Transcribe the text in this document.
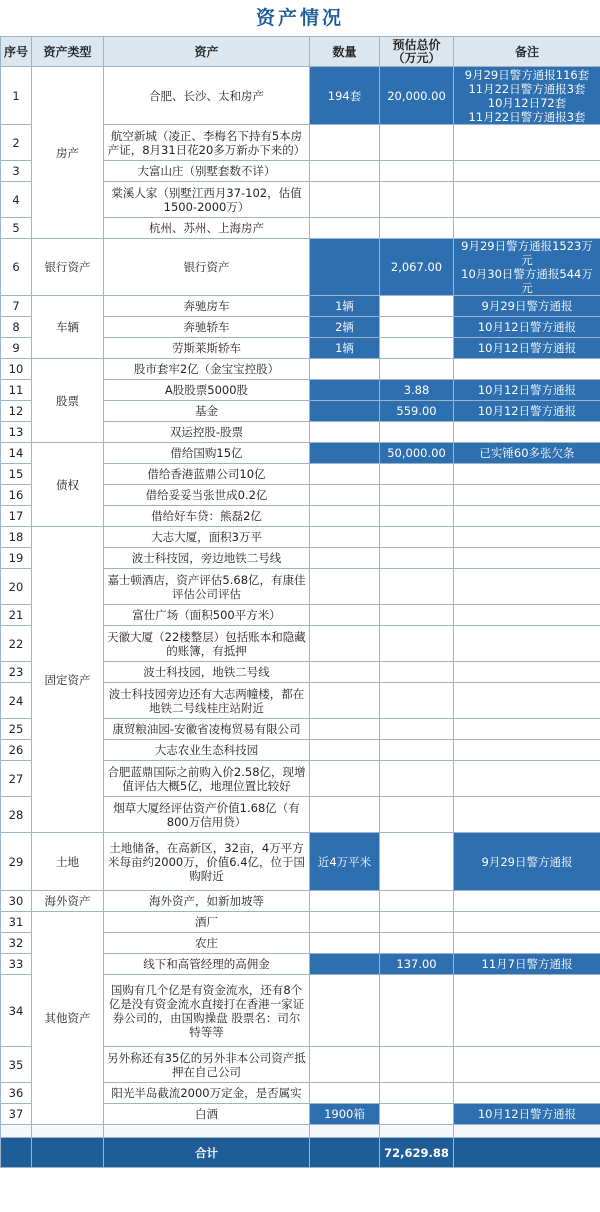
资产情况
序号	资产类型	资产	数量	预估总价
（万元）	备注
1	房产	合肥、长沙、太和房产	194套	20,000.00	9月29日警方通报116套
11月22日警方通报3套
10月12日72套
11月22日警方通报3套
2		航空新城（凌正、李梅名下持有5本房产证，8月31日花20多万新办下来的）			
3		大富山庄（别墅套数不详）			
4		棠溪人家（别墅江西月37-102，估值1500-2000万）			
5		杭州、苏州、上海房产			
6	银行资产	银行资产		2,067.00	9月29日警方通报1523万元
10月30日警方通报544万元
7	车辆	奔驰房车	1辆		9月29日警方通报
8		奔驰轿车	2辆		10月12日警方通报
9		劳斯莱斯轿车	1辆		10月12日警方通报
10	股票	股市套牢2亿（金宝宝控股）			
11		A股股票5000股		3.88	10月12日警方通报
12		基金		559.00	10月12日警方通报
13		双运控股-股票			
14	债权	借给国购15亿		50,000.00	已实锤60多张欠条
15		借给香港蓝鼎公司10亿			
16		借给妥妥当张世成0.2亿			
17		借给好车贷：熊磊2亿			
18	固定资产	大志大厦，面积3万平			
19		波士科技园，旁边地铁二号线			
20		嘉士顿酒店，资产评估5.68亿，有康佳评估公司评估			
21		富仕广场（面积500平方米）			
22		天徽大厦（22楼整层）包括账本和隐藏的账簿，有抵押			
23		波士科技园，地铁二号线			
24		波士科技园旁边还有大志两幢楼，都在地铁二号线桂庄站附近			
25		康贸粮油园-安徽省凌梅贸易有限公司			
26		大志农业生态科技园			
27		合肥蓝鼎国际之前购入价2.58亿，现增值评估大概5亿，地理位置比较好			
28		烟草大厦经评估资产价值1.68亿（有800万信用贷）			
29	土地	土地储备，在高新区，32亩，4万平方米每亩约2000万，价值6.4亿，位于国购附近	近4万平米		9月29日警方通报
30	海外资产	海外资产，如新加坡等			
31	其他资产	酒厂			
32		农庄			
33		线下和高管经理的高佣金		137.00	11月7日警方通报
34		国购有几个亿是有资金流水，还有8个亿是没有资金流水直接打在香港一家证券公司的，由国购操盘 股票名：司尔特等等			
35		另外称还有35亿的另外非本公司资产抵押在自己公司			
36		阳光半岛截流2000万定金，是否属实			
37		白酒	1900箱		10月12日警方通报

		合计		72,629.88	
